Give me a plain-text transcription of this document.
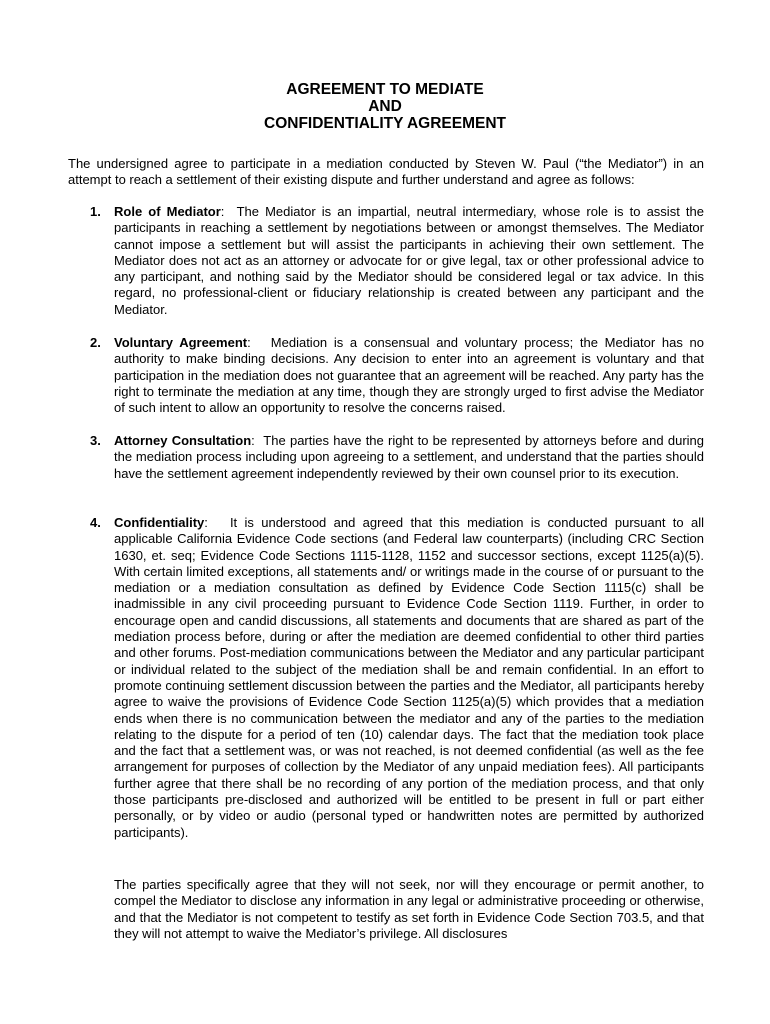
AGREEMENT TO MEDIATE
AND
CONFIDENTIALITY AGREEMENT

The undersigned agree to participate in a mediation conducted by Steven W. Paul (“the Mediator”) in an attempt to reach a settlement of their existing dispute and further understand and agree as follows:

1. Role of Mediator:  The Mediator is an impartial, neutral intermediary, whose role is to assist the participants in reaching a settlement by negotiations between or amongst themselves. The Mediator cannot impose a settlement but will assist the participants in achieving their own settlement. The Mediator does not act as an attorney or advocate for or give legal, tax or other professional advice to any participant, and nothing said by the Mediator should be considered legal or tax advice. In this regard, no professional-client or fiduciary relationship is created between any participant and the Mediator.
2. Voluntary Agreement:   Mediation is a consensual and voluntary process; the Mediator has no authority to make binding decisions. Any decision to enter into an agreement is voluntary and that participation in the mediation does not guarantee that an agreement will be reached. Any party has the right to terminate the mediation at any time, though they are strongly urged to first advise the Mediator of such intent to allow an opportunity to resolve the concerns raised.
3. Attorney Consultation:  The parties have the right to be represented by attorneys before and during the mediation process including upon agreeing to a settlement, and understand that the parties should have the settlement agreement independently reviewed by their own counsel prior to its execution.
4. Confidentiality:   It is understood and agreed that this mediation is conducted pursuant to all applicable California Evidence Code sections (and Federal law counterparts) (including CRC Section 1630, et. seq; Evidence Code Sections 1115-1128, 1152 and successor sections, except 1125(a)(5). With certain limited exceptions, all statements and/ or writings made in the course of or pursuant to the mediation or a mediation consultation as defined by Evidence Code Section 1115(c) shall be inadmissible in any civil proceeding pursuant to Evidence Code Section 1119. Further, in order to encourage open and candid discussions, all statements and documents that are shared as part of the mediation process before, during or after the mediation are deemed confidential to other third parties and other forums. Post-mediation communications between the Mediator and any particular participant or individual related to the subject of the mediation shall be and remain confidential. In an effort to promote continuing settlement discussion between the parties and the Mediator, all participants hereby agree to waive the provisions of Evidence Code Section 1125(a)(5) which provides that a mediation ends when there is no communication between the mediator and any of the parties to the mediation relating to the dispute for a period of ten (10) calendar days. The fact that the mediation took place and the fact that a settlement was, or was not reached, is not deemed confidential (as well as the fee arrangement for purposes of collection by the Mediator of any unpaid mediation fees). All participants further agree that there shall be no recording of any portion of the mediation process, and that only those participants pre-disclosed and authorized will be entitled to be present in full or part either personally, or by video or audio (personal typed or handwritten notes are permitted by authorized participants).

The parties specifically agree that they will not seek, nor will they encourage or permit another, to compel the Mediator to disclose any information in any legal or administrative proceeding or otherwise, and that the Mediator is not competent to testify as set forth in Evidence Code Section 703.5, and that they will not attempt to waive the Mediator’s privilege. All disclosures
